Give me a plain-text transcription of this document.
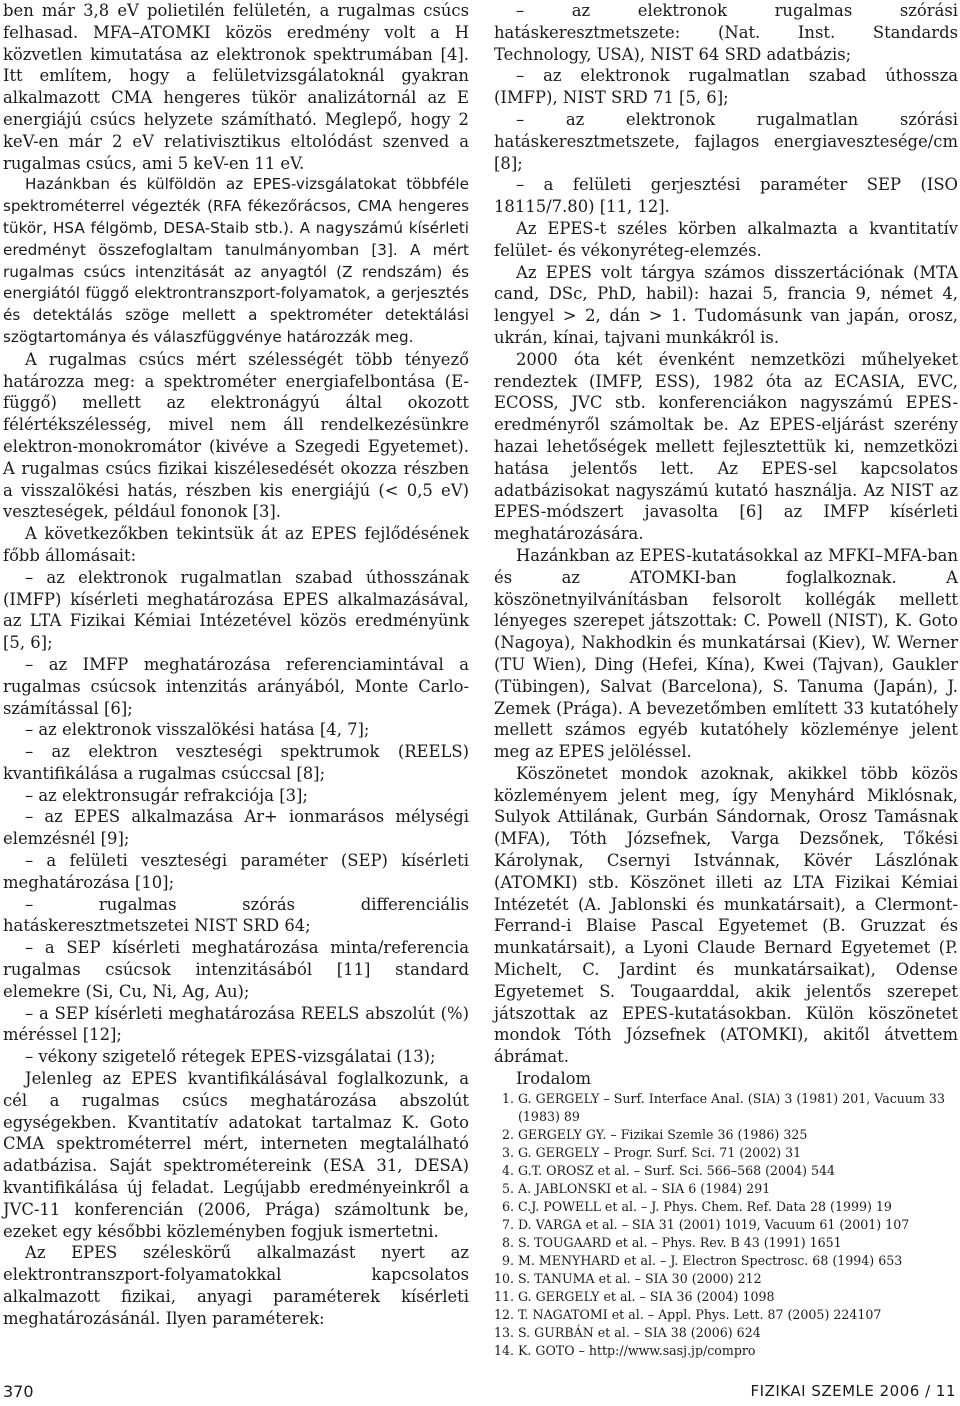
ben már 3,8 eV polietilén felületén, a rugalmas csúcs felhasad. MFA–ATOMKI közös eredmény volt a H közvetlen kimutatása az elektronok spektrumában [4]. Itt említem, hogy a felületvizsgálatoknál gyakran alkalmazott CMA hengeres tükör analizátornál az E energiájú csúcs helyzete számítható. Meglepő, hogy 2 keV-en már 2 eV relativisztikus eltolódást szenved a rugalmas csúcs, ami 5 keV-en 11 eV.

Hazánkban és külföldön az EPES-vizsgálatokat többféle spektrométerrel végezték (RFA fékezőrácsos, CMA hengeres tükör, HSA félgömb, DESA-Staib stb.). A nagyszámú kísérleti eredményt összefoglaltam tanulmányomban [3]. A mért rugalmas csúcs intenzitását az anyagtól (Z rendszám) és energiától függő elektrontranszport-folyamatok, a gerjesztés és detektálás szöge mellett a spektrométer detektálási szögtartománya és válaszfüggvénye határozzák meg.

A rugalmas csúcs mért szélességét több tényező határozza meg: a spektrométer energiafelbontása (E-függő) mellett az elektronágyú által okozott félértékszélesség, mivel nem áll rendelkezésünkre elektron-monokromátor (kivéve a Szegedi Egyetemet). A rugalmas csúcs fizikai kiszélesedését okozza részben a visszalökési hatás, részben kis energiájú (< 0,5 eV) veszteségek, például fononok [3].

A következőkben tekintsük át az EPES fejlődésének főbb állomásait:

– az elektronok rugalmatlan szabad úthosszának (IMFP) kísérleti meghatározása EPES alkalmazásával, az LTA Fizikai Kémiai Intézetével közös eredményünk [5, 6];

– az IMFP meghatározása referenciamintával a rugalmas csúcsok intenzitás arányából, Monte Carlo-számítással [6];

– az elektronok visszalökési hatása [4, 7];

– az elektron veszteségi spektrumok (REELS) kvantifikálása a rugalmas csúccsal [8];

– az elektronsugár refrakciója [3];

– az EPES alkalmazása Ar+ ionmarásos mélységi elemzésnél [9];

– a felületi veszteségi paraméter (SEP) kísérleti meghatározása [10];

– rugalmas szórás differenciális hatáskeresztmetszetei NIST SRD 64;

– a SEP kísérleti meghatározása minta/referencia rugalmas csúcsok intenzitásából [11] standard elemekre (Si, Cu, Ni, Ag, Au);

– a SEP kísérleti meghatározása REELS abszolút (%) méréssel [12];

– vékony szigetelő rétegek EPES-vizsgálatai (13);

Jelenleg az EPES kvantifikálásával foglalkozunk, a cél a rugalmas csúcs meghatározása abszolút egységekben. Kvantitatív adatokat tartalmaz K. Goto CMA spektrométerrel mért, interneten megtalálható adatbázisa. Saját spektrométereink (ESA 31, DESA) kvantifikálása új feladat. Legújabb eredményeinkről a JVC-11 konferencián (2006, Prága) számoltunk be, ezeket egy későbbi közleményben fogjuk ismertetni.

Az EPES széleskörű alkalmazást nyert az elektrontranszport-folyamatokkal kapcsolatos alkalmazott fizikai, anyagi paraméterek kísérleti meghatározásánál. Ilyen paraméterek:

– az elektronok rugalmas szórási hatáskeresztmetszete: (Nat. Inst. Standards Technology, USA), NIST 64 SRD adatbázis;

– az elektronok rugalmatlan szabad úthossza (IMFP), NIST SRD 71 [5, 6];

– az elektronok rugalmatlan szórási hatáskeresztmetszete, fajlagos energiavesztesége/cm [8];

– a felületi gerjesztési paraméter SEP (ISO 18115/7.80) [11, 12].

Az EPES-t széles körben alkalmazta a kvantitatív felület- és vékonyréteg-elemzés.

Az EPES volt tárgya számos disszertációnak (MTA cand, DSc, PhD, habil): hazai 5, francia 9, német 4, lengyel > 2, dán > 1. Tudomásunk van japán, orosz, ukrán, kínai, tajvani munkákról is.

2000 óta két évenként nemzetközi műhelyeket rendeztek (IMFP, ESS), 1982 óta az ECASIA, EVC, ECOSS, JVC stb. konferenciákon nagyszámú EPES-eredményről számoltak be. Az EPES-eljárást szerény hazai lehetőségek mellett fejlesztettük ki, nemzetközi hatása jelentős lett. Az EPES-sel kapcsolatos adatbázisokat nagyszámú kutató használja. Az NIST az EPES-módszert javasolta [6] az IMFP kísérleti meghatározására.

Hazánkban az EPES-kutatásokkal az MFKI–MFA-ban és az ATOMKI-ban foglalkoznak. A köszönetnyilvánításban felsorolt kollégák mellett lényeges szerepet játszottak: C. Powell (NIST), K. Goto (Nagoya), Nakhodkin és munkatársai (Kiev), W. Werner (TU Wien), Ding (Hefei, Kína), Kwei (Tajvan), Gaukler (Tübingen), Salvat (Barcelona), S. Tanuma (Japán), J. Zemek (Prága). A bevezetőmben említett 33 kutatóhely mellett számos egyéb kutatóhely közleménye jelent meg az EPES jelöléssel.

Köszönetet mondok azoknak, akikkel több közös közleményem jelent meg, így Menyhárd Miklósnak, Sulyok Attilának, Gurbán Sándornak, Orosz Tamásnak (MFA), Tóth Józsefnek, Varga Dezsőnek, Tőkési Károlynak, Csernyi Istvánnak, Kövér Lászlónak (ATOMKI) stb. Köszönet illeti az LTA Fizikai Kémiai Intézetét (A. Jablonski és munkatársait), a Clermont-Ferrand-i Blaise Pascal Egyetemet (B. Gruzzat és munkatársait), a Lyoni Claude Bernard Egyetemet (P. Michelt, C. Jardint és munkatársaikat), Odense Egyetemet S. Tougaarddal, akik jelentős szerepet játszottak az EPES-kutatásokban. Külön köszönetet mondok Tóth Józsefnek (ATOMKI), akitől átvettem ábrámat.

Irodalom

1. G. GERGELY – Surf. Interface Anal. (SIA) 3 (1981) 201, Vacuum 33 (1983) 89
2. GERGELY GY. – Fizikai Szemle 36 (1986) 325
3. G. GERGELY – Progr. Surf. Sci. 71 (2002) 31
4. G.T. OROSZ et al. – Surf. Sci. 566–568 (2004) 544
5. A. JABLONSKI et al. – SIA 6 (1984) 291
6. C.J. POWELL et al. – J. Phys. Chem. Ref. Data 28 (1999) 19
7. D. VARGA et al. – SIA 31 (2001) 1019, Vacuum 61 (2001) 107
8. S. TOUGAARD et al. – Phys. Rev. B 43 (1991) 1651
9. M. MENYHARD et al. – J. Electron Spectrosc. 68 (1994) 653
10. S. TANUMA et al. – SIA 30 (2000) 212
11. G. GERGELY et al. – SIA 36 (2004) 1098
12. T. NAGATOMI et al. – Appl. Phys. Lett. 87 (2005) 224107
13. S. GURBÁN et al. – SIA 38 (2006) 624
14. K. GOTO – http://www.sasj.jp/compro
370	FIZIKAI SZEMLE 2006 / 11
